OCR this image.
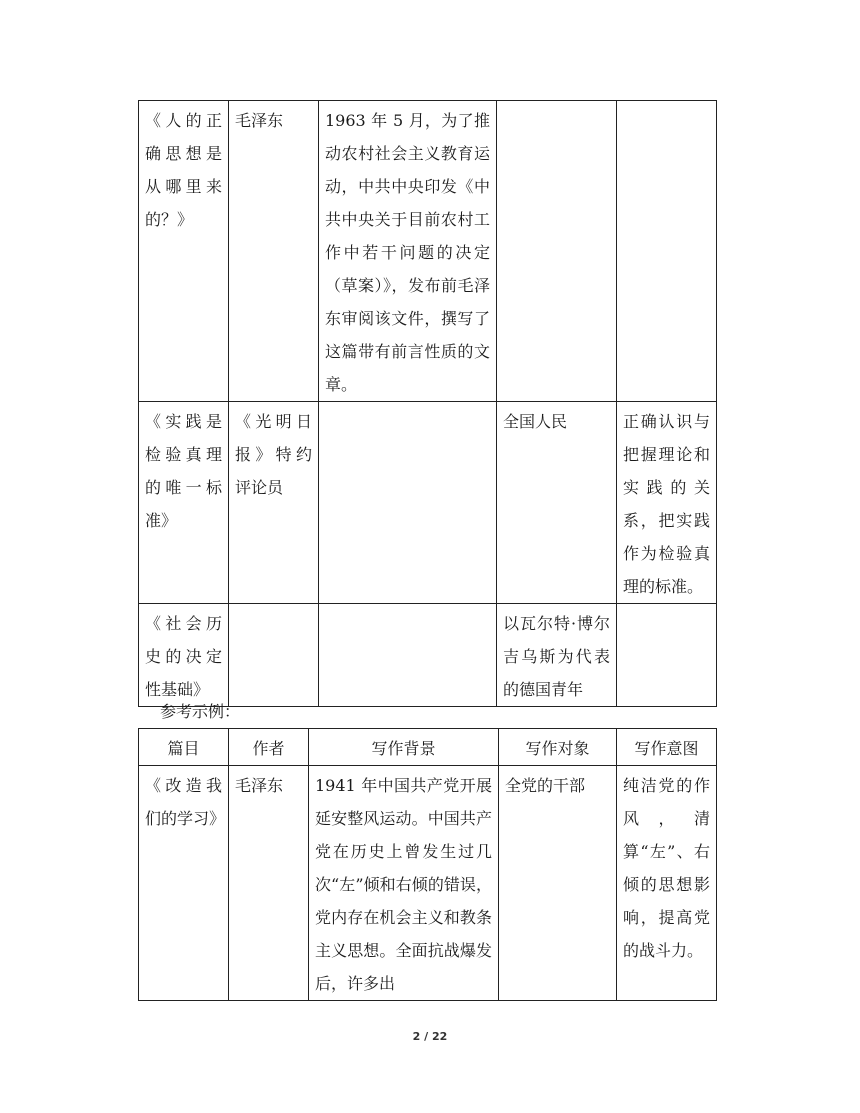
《人的正确思想是从哪里来的？》	毛泽东	1963 年 5 月，为了推动农村社会主义教育运动，中共中央印发《中共中央关于目前农村工作中若干问题的决定（草案）》，发布前毛泽东审阅该文件，撰写了这篇带有前言性质的文章。		
《实践是检验真理的唯一标准》	《光明日报》特约评论员		全国人民	正确认识与把握理论和实践的关系，把实践作为检验真理的标准。
《社会历史的决定性基础》			以瓦尔特·博尔吉乌斯为代表的德国青年	
参考示例：
篇目	作者	写作背景	写作对象	写作意图
《改造我们的学习》	毛泽东	1941 年中国共产党开展延安整风运动。中国共产党在历史上曾发生过几次“左”倾和右倾的错误，党内存在机会主义和教条主义思想。全面抗战爆发后，许多出	全党的干部	纯洁党的作风，清算“左”、右倾的思想影响，提高党的战斗力。
2 / 22
